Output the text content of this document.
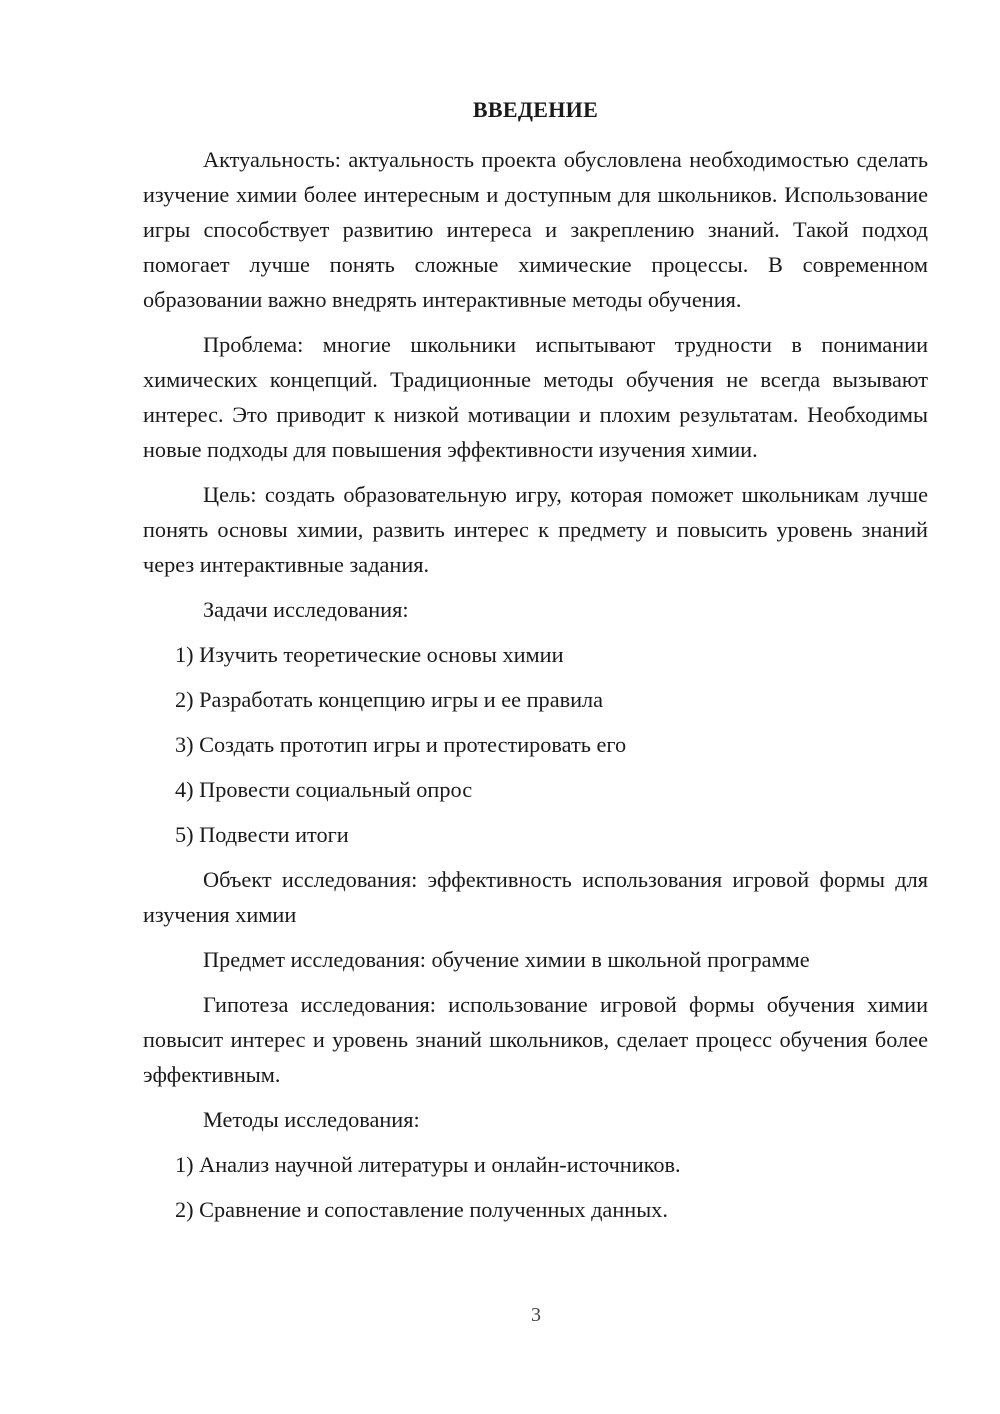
ВВЕДЕНИЕ

Актуальность: актуальность проекта обусловлена необходимостью сделать изучение химии более интересным и доступным для школьников. Использование игры способствует развитию интереса и закреплению знаний. Такой подход помогает лучше понять сложные химические процессы. В современном образовании важно внедрять интерактивные методы обучения.

Проблема: многие школьники испытывают трудности в понимании химических концепций. Традиционные методы обучения не всегда вызывают интерес. Это приводит к низкой мотивации и плохим результатам. Необходимы новые подходы для повышения эффективности изучения химии.

Цель: создать образовательную игру, которая поможет школьникам лучше понять основы химии, развить интерес к предмету и повысить уровень знаний через интерактивные задания.

Задачи исследования:

1) Изучить теоретические основы химии
2) Разработать концепцию игры и ее правила
3) Создать прототип игры и протестировать его
4) Провести социальный опрос
5) Подвести итоги

Объект исследования: эффективность использования игровой формы для изучения химии

Предмет исследования: обучение химии в школьной программе

Гипотеза исследования: использование игровой формы обучения химии повысит интерес и уровень знаний школьников, сделает процесс обучения более эффективным.

Методы исследования:

1) Анализ научной литературы и онлайн-источников.
2) Сравнение и сопоставление полученных данных.
3
